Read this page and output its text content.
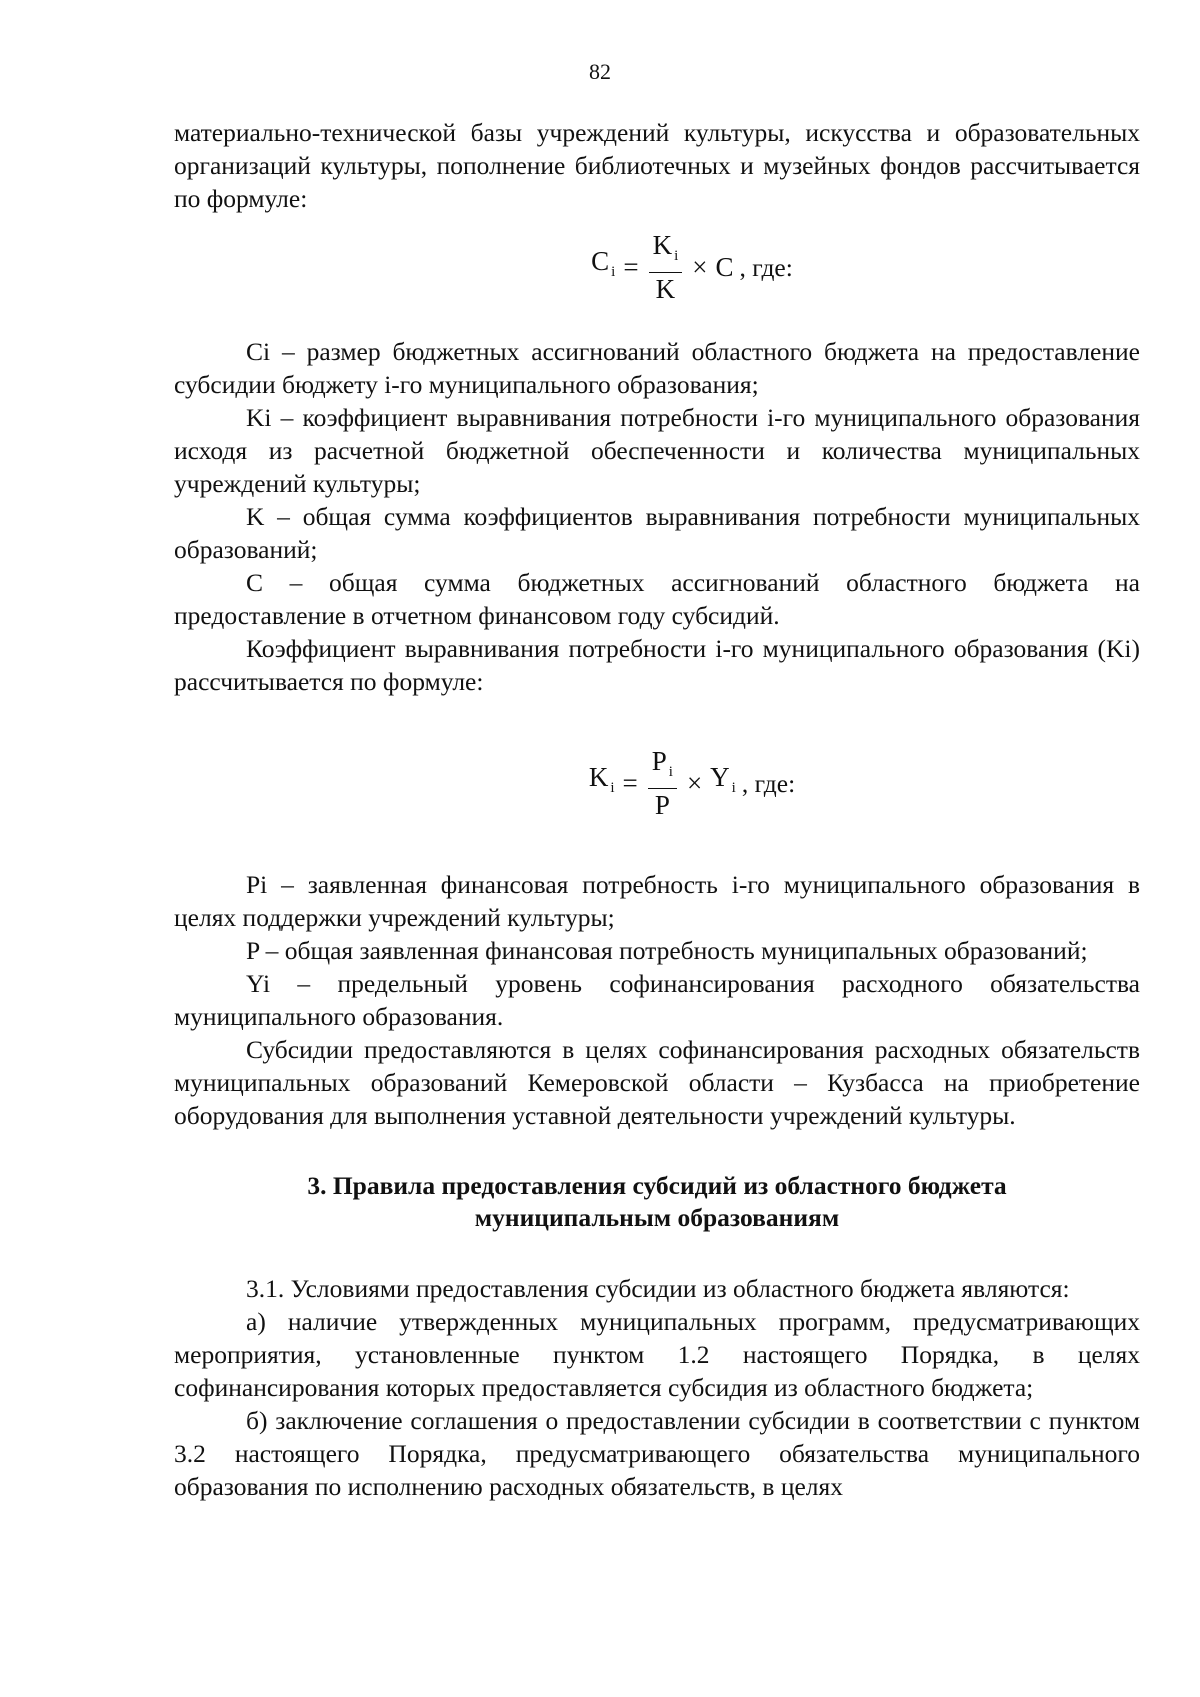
82

материально-технической базы учреждений культуры, искусства и образовательных организаций культуры, пополнение библиотечных и музейных фондов рассчитывается по формуле:

C $_i = \frac{K _i}{K} \times C$ , где:

Ci – размер бюджетных ассигнований областного бюджета на предоставление субсидии бюджету i-го муниципального образования;

Ki – коэффициент выравнивания потребности i-го муниципального образования исходя из расчетной бюджетной обеспеченности и количества муниципальных учреждений культуры;

K – общая сумма коэффициентов выравнивания потребности муниципальных образований;

С – общая сумма бюджетных ассигнований областного бюджета на предоставление в отчетном финансовом году субсидий.

Коэффициент выравнивания потребности i-го муниципального образования (Ki) рассчитывается по формуле:

K $_i = \frac{P _i}{P} \times Y$ $_i$ , где:

Pi – заявленная финансовая потребность i-го муниципального образования в целях поддержки учреждений культуры;

P – общая заявленная финансовая потребность муниципальных образований;

Yi – предельный уровень софинансирования расходного обязательства муниципального образования.

Субсидии предоставляются в целях софинансирования расходных обязательств муниципальных образований Кемеровской области – Кузбасса на приобретение оборудования для выполнения уставной деятельности учреждений культуры.

3. Правила предоставления субсидий из областного бюджета
муниципальным образованиям

3.1. Условиями предоставления субсидии из областного бюджета являются:

а) наличие утвержденных муниципальных программ, предусматривающих мероприятия, установленные пунктом 1.2 настоящего Порядка, в целях софинансирования которых предоставляется субсидия из областного бюджета;

б) заключение соглашения о предоставлении субсидии в соответствии с пунктом 3.2 настоящего Порядка, предусматривающего обязательства муниципального образования по исполнению расходных обязательств, в целях
